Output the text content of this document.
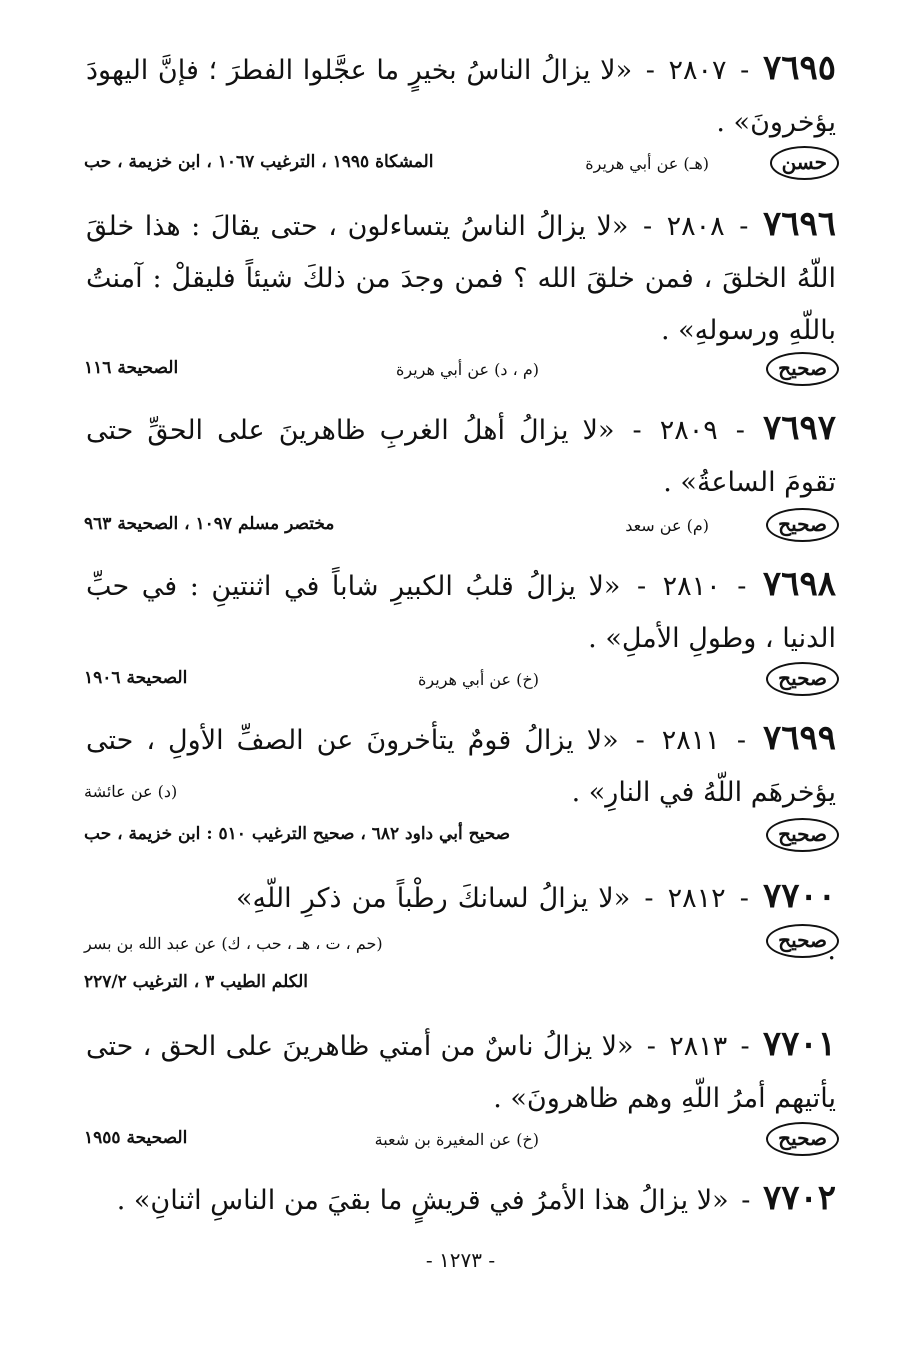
٧٦٩٥ - ٢٨٠٧ - «لا يزالُ الناسُ بخيرٍ ما عجَّلوا الفطرَ ؛ فإنَّ اليهودَ يؤخرونَ» .
حسن
(هـ) عن أبي هريرة
المشكاة ١٩٩٥ ، الترغيب ١٠٦٧ ، ابن خزيمة ، حب
٧٦٩٦ - ٢٨٠٨ - «لا يزالُ الناسُ يتساءلون ، حتى يقالَ : هذا خلقَ اللّهُ الخلقَ ، فمن خلقَ الله ؟ فمن وجدَ من ذلكَ شيئاً فليقلْ : آمنتُ باللّهِ ورسولهِ» .
صحيح
(م ، د) عن أبي هريرة
الصحيحة ١١٦
٧٦٩٧ - ٢٨٠٩ - «لا يزالُ أهلُ الغربِ ظاهرينَ على الحقِّ حتى تقومَ الساعةُ» .
صحيح
(م) عن سعد
مختصر مسلم ١٠٩٧ ، الصحيحة ٩٦٣
٧٦٩٨ - ٢٨١٠ - «لا يزالُ قلبُ الكبيرِ شاباً في اثنتينِ : في حبِّ الدنيا ، وطولِ الأملِ» .
صحيح
(خ) عن أبي هريرة
الصحيحة ١٩٠٦
٧٦٩٩ - ٢٨١١ - «لا يزالُ قومٌ يتأخرونَ عن الصفِّ الأولِ ، حتى يؤخرهَم اللّهُ في النارِ» .
صحيح
(د) عن عائشة
صحيح أبي داود ٦٨٢ ، صحيح الترغيب ٥١٠ : ابن خزيمة ، حب
٧٧٠٠ - ٢٨١٢ - «لا يزالُ لسانكَ رطْباً من ذكرِ اللّهِ» .
صحيح
(حم ، ت ، هـ ، حب ، ك) عن عبد الله بن بسر
الكلم الطيب ٣ ، الترغيب ٢٢٧/٢
٧٧٠١ - ٢٨١٣ - «لا يزالُ ناسٌ من أمتي ظاهرينَ على الحق ، حتى يأتيهم أمرُ اللّهِ وهم ظاهرونَ» .
صحيح
(خ) عن المغيرة بن شعبة
الصحيحة ١٩٥٥
٧٧٠٢ - «لا يزالُ هذا الأمرُ في قريشٍ ما بقيَ من الناسِ اثنانِ» .
- ١٢٧٣ -
